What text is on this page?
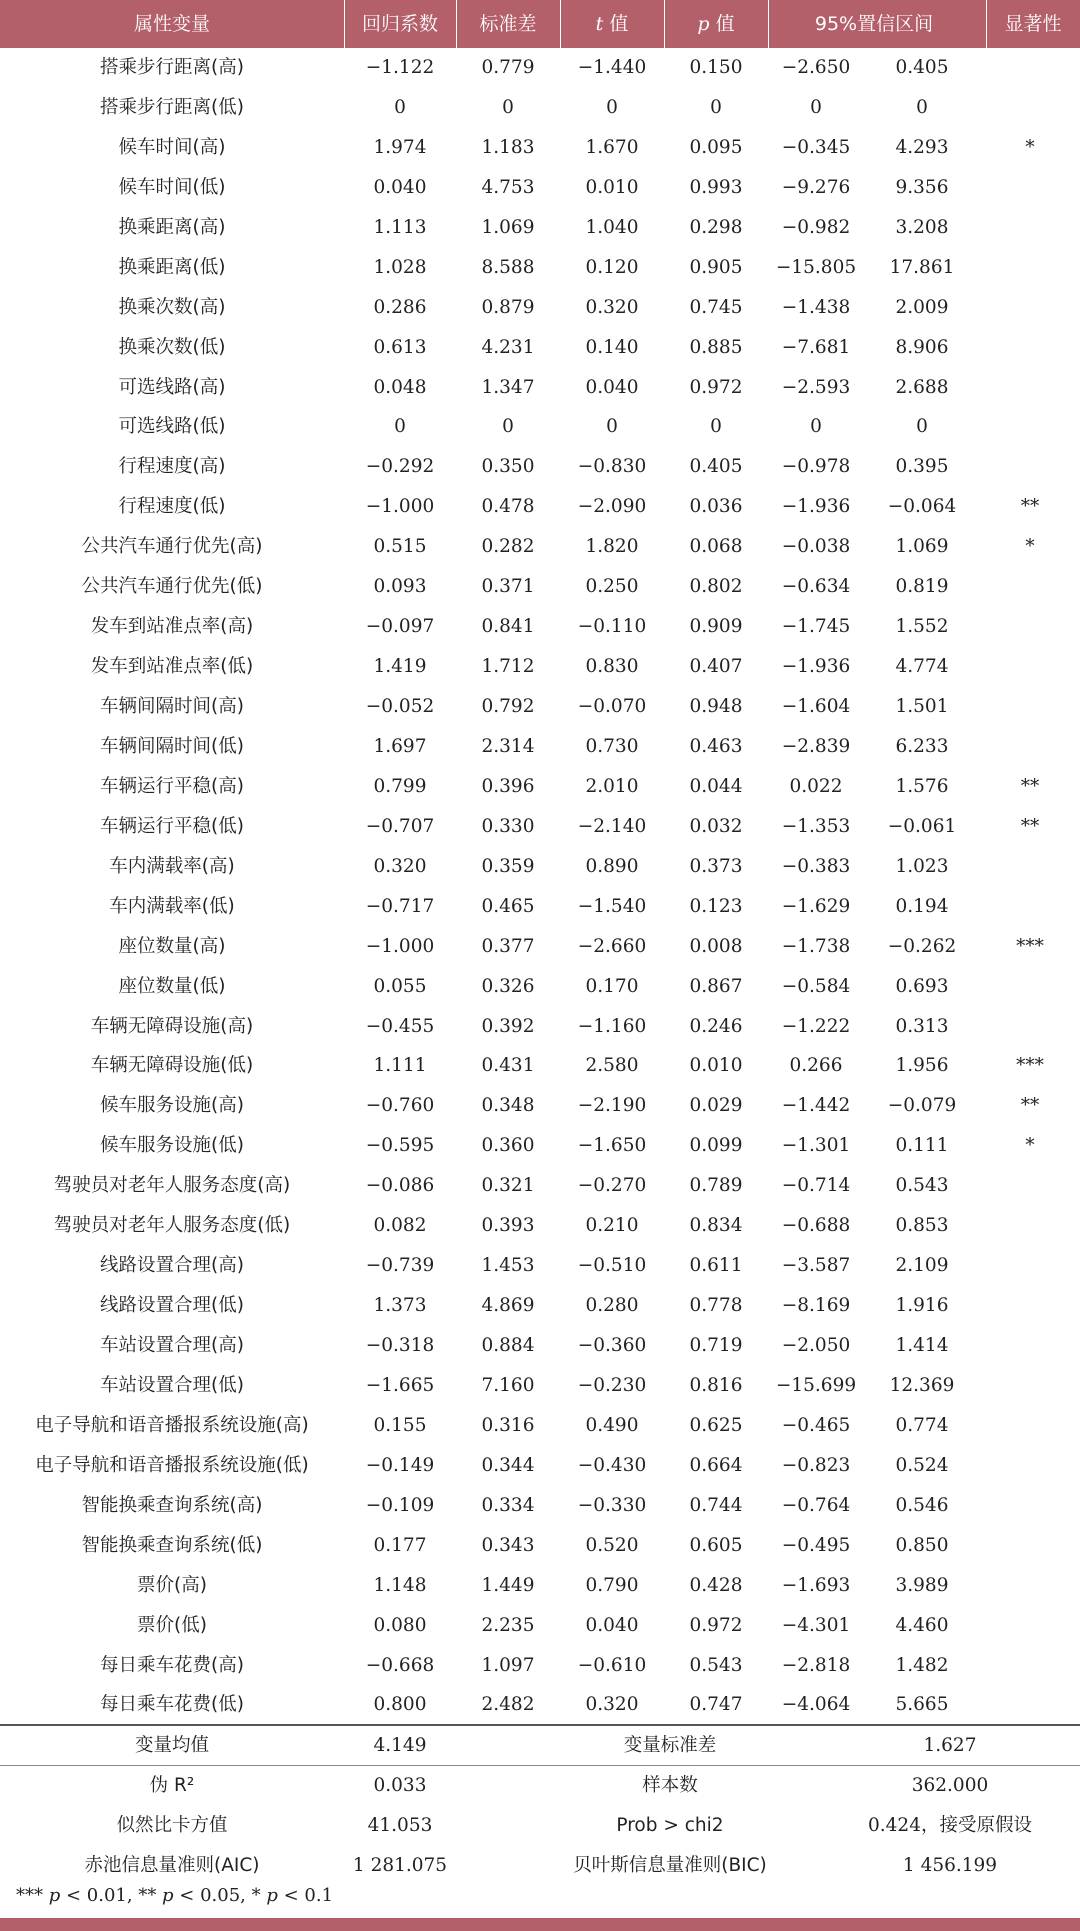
属性变量	回归系数	标准差	t 值	p 值	95%置信区间	显著性
搭乘步行距离(高)	−1.122	0.779	−1.440	0.150	−2.650	0.405
搭乘步行距离(低)	0	0	0	0	0	0
候车时间(高)	1.974	1.183	1.670	0.095	−0.345	4.293	*
候车时间(低)	0.040	4.753	0.010	0.993	−9.276	9.356
换乘距离(高)	1.113	1.069	1.040	0.298	−0.982	3.208
换乘距离(低)	1.028	8.588	0.120	0.905	−15.805	17.861
换乘次数(高)	0.286	0.879	0.320	0.745	−1.438	2.009
换乘次数(低)	0.613	4.231	0.140	0.885	−7.681	8.906
可选线路(高)	0.048	1.347	0.040	0.972	−2.593	2.688
可选线路(低)	0	0	0	0	0	0
行程速度(高)	−0.292	0.350	−0.830	0.405	−0.978	0.395
行程速度(低)	−1.000	0.478	−2.090	0.036	−1.936	−0.064	**
公共汽车通行优先(高)	0.515	0.282	1.820	0.068	−0.038	1.069	*
公共汽车通行优先(低)	0.093	0.371	0.250	0.802	−0.634	0.819
发车到站准点率(高)	−0.097	0.841	−0.110	0.909	−1.745	1.552
发车到站准点率(低)	1.419	1.712	0.830	0.407	−1.936	4.774
车辆间隔时间(高)	−0.052	0.792	−0.070	0.948	−1.604	1.501
车辆间隔时间(低)	1.697	2.314	0.730	0.463	−2.839	6.233
车辆运行平稳(高)	0.799	0.396	2.010	0.044	0.022	1.576	**
车辆运行平稳(低)	−0.707	0.330	−2.140	0.032	−1.353	−0.061	**
车内满载率(高)	0.320	0.359	0.890	0.373	−0.383	1.023
车内满载率(低)	−0.717	0.465	−1.540	0.123	−1.629	0.194
座位数量(高)	−1.000	0.377	−2.660	0.008	−1.738	−0.262	***
座位数量(低)	0.055	0.326	0.170	0.867	−0.584	0.693
车辆无障碍设施(高)	−0.455	0.392	−1.160	0.246	−1.222	0.313
车辆无障碍设施(低)	1.111	0.431	2.580	0.010	0.266	1.956	***
候车服务设施(高)	−0.760	0.348	−2.190	0.029	−1.442	−0.079	**
候车服务设施(低)	−0.595	0.360	−1.650	0.099	−1.301	0.111	*
驾驶员对老年人服务态度(高)	−0.086	0.321	−0.270	0.789	−0.714	0.543
驾驶员对老年人服务态度(低)	0.082	0.393	0.210	0.834	−0.688	0.853
线路设置合理(高)	−0.739	1.453	−0.510	0.611	−3.587	2.109
线路设置合理(低)	1.373	4.869	0.280	0.778	−8.169	1.916
车站设置合理(高)	−0.318	0.884	−0.360	0.719	−2.050	1.414
车站设置合理(低)	−1.665	7.160	−0.230	0.816	−15.699	12.369
电子导航和语音播报系统设施(高)	0.155	0.316	0.490	0.625	−0.465	0.774
电子导航和语音播报系统设施(低)	−0.149	0.344	−0.430	0.664	−0.823	0.524
智能换乘查询系统(高)	−0.109	0.334	−0.330	0.744	−0.764	0.546
智能换乘查询系统(低)	0.177	0.343	0.520	0.605	−0.495	0.850
票价(高)	1.148	1.449	0.790	0.428	−1.693	3.989
票价(低)	0.080	2.235	0.040	0.972	−4.301	4.460
每日乘车花费(高)	−0.668	1.097	−0.610	0.543	−2.818	1.482
每日乘车花费(低)	0.800	2.482	0.320	0.747	−4.064	5.665
变量均值	4.149	变量标准差	1.627
伪 R²	0.033	样本数	362.000
似然比卡方值	41.053	Prob > chi2	0.424，接受原假设
赤池信息量准则(AIC)	1 281.075	贝叶斯信息量准则(BIC)	1 456.199
*** p < 0.01, ** p < 0.05, * p < 0.1
